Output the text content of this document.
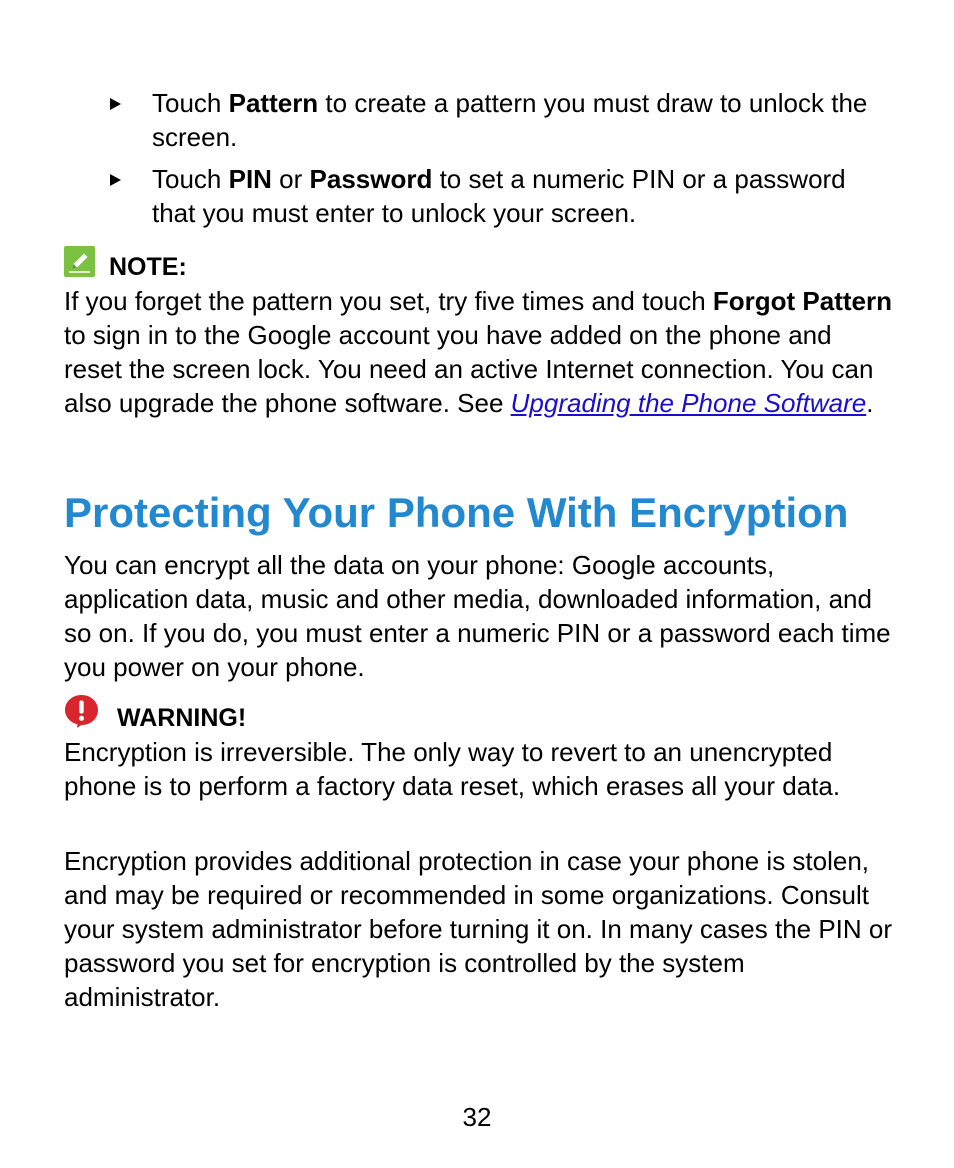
Touch Pattern to create a pattern you must draw to unlock the screen.
Touch PIN or Password to set a numeric PIN or a password that you must enter to unlock your screen.
NOTE:
If you forget the pattern you set, try five times and touch Forgot Pattern to sign in to the Google account you have added on the phone and reset the screen lock. You need an active Internet connection. You can also upgrade the phone software. See Upgrading the Phone Software.
Protecting Your Phone With Encryption
You can encrypt all the data on your phone: Google accounts, application data, music and other media, downloaded information, and so on. If you do, you must enter a numeric PIN or a password each time you power on your phone.
WARNING!
Encryption is irreversible. The only way to revert to an unencrypted phone is to perform a factory data reset, which erases all your data.
Encryption provides additional protection in case your phone is stolen, and may be required or recommended in some organizations. Consult your system administrator before turning it on. In many cases the PIN or password you set for encryption is controlled by the system administrator.
32
